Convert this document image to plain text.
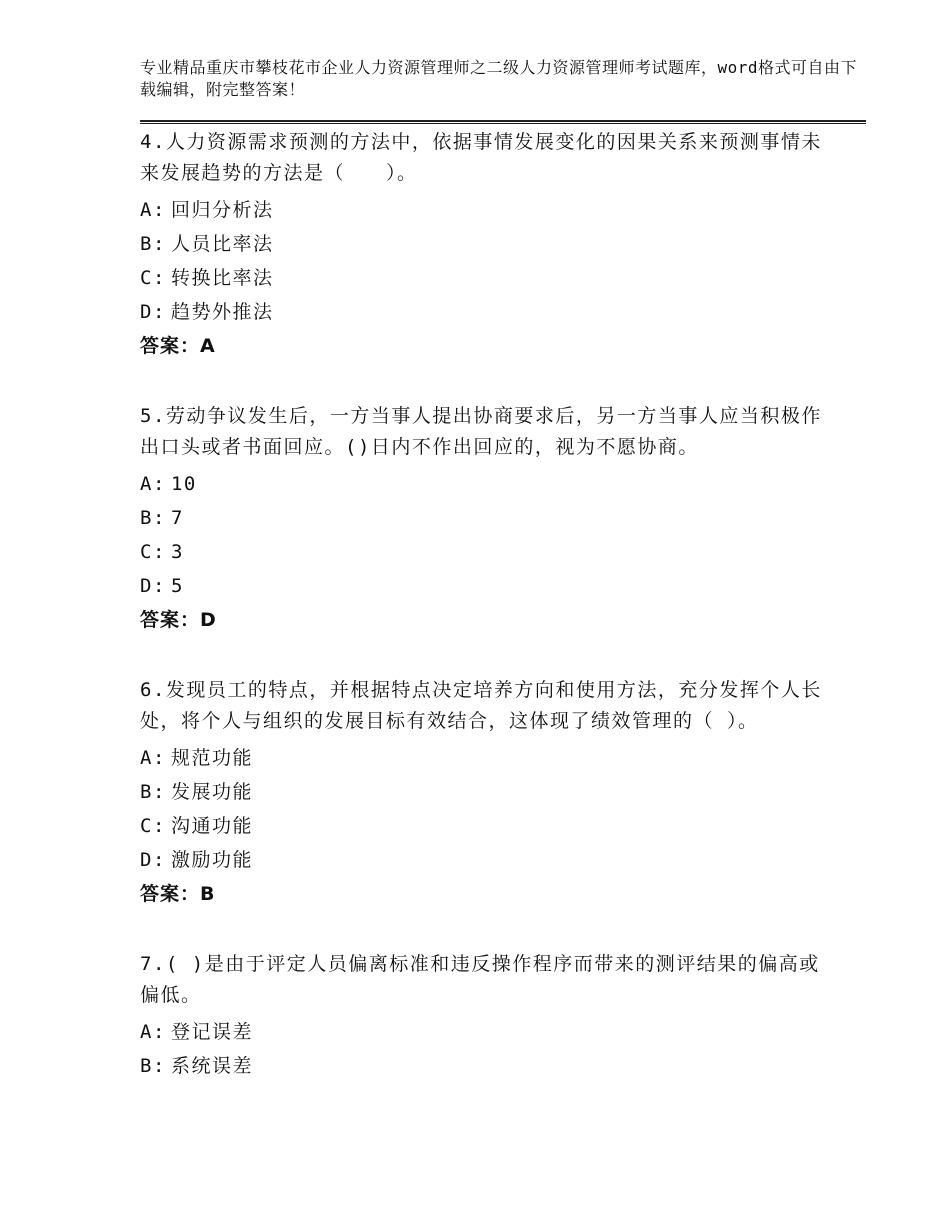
专业精品重庆市攀枝花市企业人力资源管理师之二级人力资源管理师考试题库，word格式可自由下载编辑，附完整答案！

4.人力资源需求预测的方法中，依据事情发展变化的因果关系来预测事情未来发展趋势的方法是（　　）。

A : 回归分析法
B : 人员比率法
C : 转换比率法
D : 趋势外推法
答案：A

5.劳动争议发生后，一方当事人提出协商要求后，另一方当事人应当积极作出口头或者书面回应。()日内不作出回应的，视为不愿协商。

A : 10
B : 7
C : 3
D : 5
答案：D

6.发现员工的特点，并根据特点决定培养方向和使用方法，充分发挥个人长处，将个人与组织的发展目标有效结合，这体现了绩效管理的（ ）。

A : 规范功能
B : 发展功能
C : 沟通功能
D : 激励功能
答案：B

7.( )是由于评定人员偏离标准和违反操作程序而带来的测评结果的偏高或偏低。

A : 登记误差
B : 系统误差
